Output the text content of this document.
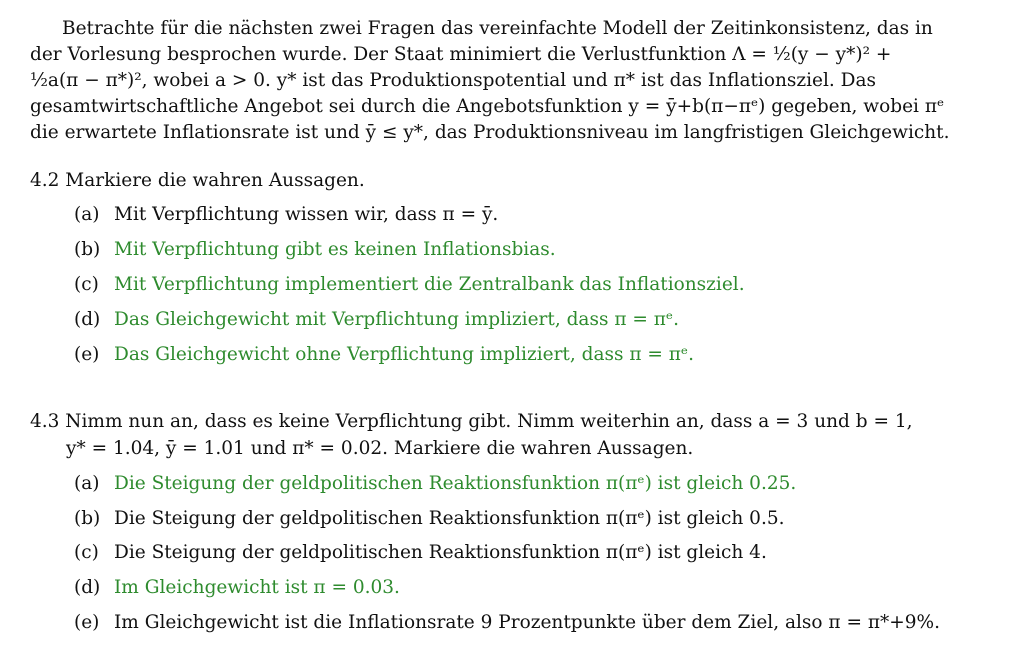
Betrachte für die nächsten zwei Fragen das vereinfachte Modell der Zeitinkonsistenz, das in
der Vorlesung besprochen wurde. Der Staat minimiert die Verlustfunktion Λ = ½(y − y*)² +
½a(π − π*)², wobei a > 0. y* ist das Produktionspotential und π* ist das Inflationsziel. Das
gesamtwirtschaftliche Angebot sei durch die Angebotsfunktion y = ȳ+b(π−πᵉ) gegeben, wobei πᵉ
die erwartete Inflationsrate ist und ȳ ≤ y*, das Produktionsniveau im langfristigen Gleichgewicht.
4.2 Markiere die wahren Aussagen.
(a) Mit Verpflichtung wissen wir, dass π = ȳ.
(b) Mit Verpflichtung gibt es keinen Inflationsbias.
(c) Mit Verpflichtung implementiert die Zentralbank das Inflationsziel.
(d) Das Gleichgewicht mit Verpflichtung impliziert, dass π = πᵉ.
(e) Das Gleichgewicht ohne Verpflichtung impliziert, dass π = πᵉ.
4.3 Nimm nun an, dass es keine Verpflichtung gibt. Nimm weiterhin an, dass a = 3 und b = 1,
y* = 1.04, ȳ = 1.01 und π* = 0.02. Markiere die wahren Aussagen.
(a) Die Steigung der geldpolitischen Reaktionsfunktion π(πᵉ) ist gleich 0.25.
(b) Die Steigung der geldpolitischen Reaktionsfunktion π(πᵉ) ist gleich 0.5.
(c) Die Steigung der geldpolitischen Reaktionsfunktion π(πᵉ) ist gleich 4.
(d) Im Gleichgewicht ist π = 0.03.
(e) Im Gleichgewicht ist die Inflationsrate 9 Prozentpunkte über dem Ziel, also π = π*+9%.
